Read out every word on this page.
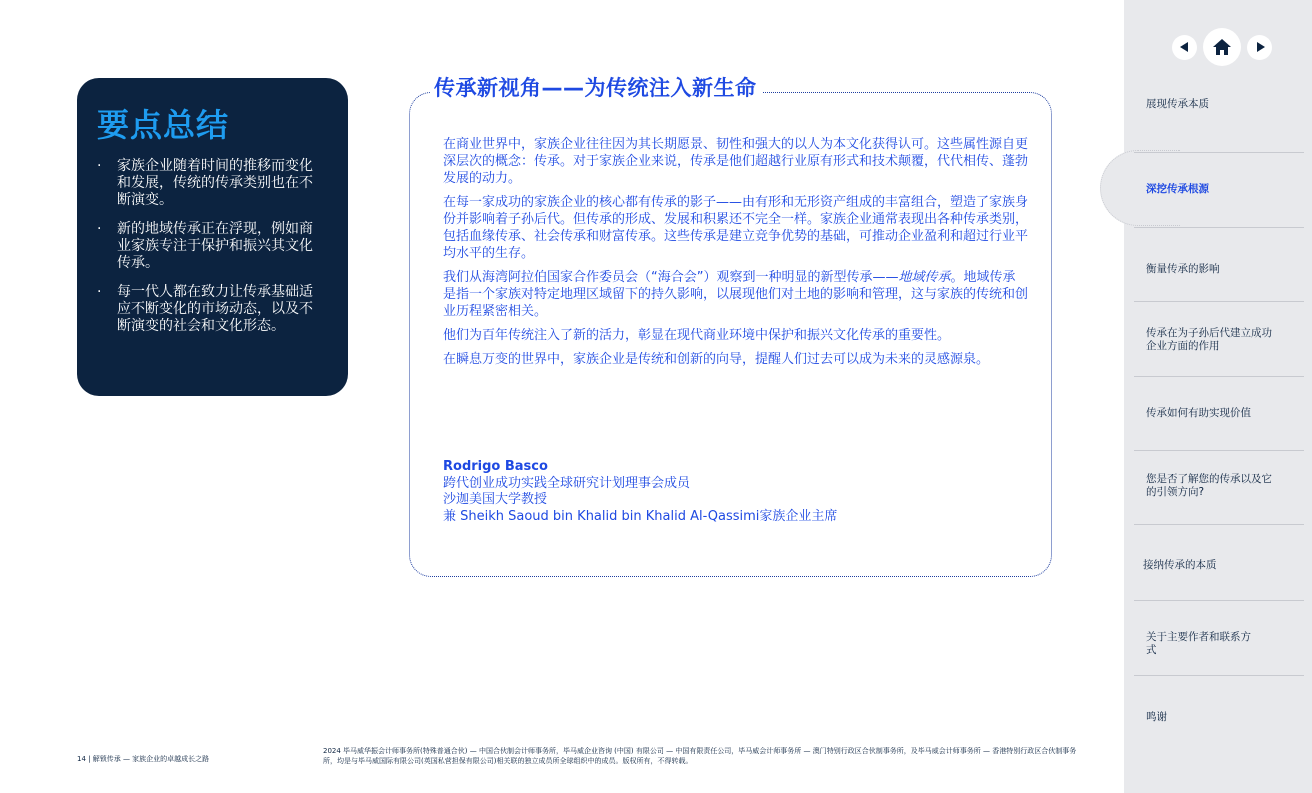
要点总结
· 家族企业随着时间的推移而变化和发展，传统的传承类别也在不断演变。
· 新的地域传承正在浮现，例如商业家族专注于保护和振兴其文化传承。
· 每一代人都在致力让传承基础适应不断变化的市场动态，以及不断演变的社会和文化形态。
传承新视角——为传统注入新生命

在商业世界中，家族企业往往因为其长期愿景、韧性和强大的以人为本文化获得认可。这些属性源自更深层次的概念：传承。对于家族企业来说，传承是他们超越行业原有形式和技术颠覆，代代相传、蓬勃发展的动力。

在每一家成功的家族企业的核心都有传承的影子——由有形和无形资产组成的丰富组合，塑造了家族身份并影响着子孙后代。但传承的形成、发展和积累还不完全一样。家族企业通常表现出各种传承类别，包括血缘传承、社会传承和财富传承。这些传承是建立竞争优势的基础，可推动企业盈利和超过行业平均水平的生存。

我们从海湾阿拉伯国家合作委员会（“海合会”）观察到一种明显的新型传承——地域传承。地域传承是指一个家族对特定地理区域留下的持久影响，以展现他们对土地的影响和管理，这与家族的传统和创业历程紧密相关。

他们为百年传统注入了新的活力，彰显在现代商业环境中保护和振兴文化传承的重要性。

在瞬息万变的世界中，家族企业是传统和创新的向导，提醒人们过去可以成为未来的灵感源泉。

Rodrigo Basco
跨代创业成功实践全球研究计划理事会成员
沙迦美国大学教授
兼 Sheikh Saoud bin Khalid bin Khalid Al-Qassimi家族企业主席
展现传承本质
深挖传承根源
衡量传承的影响
传承在为子孙后代建立成功企业方面的作用
传承如何有助实现价值
您是否了解您的传承以及它的引领方向?
接纳传承的本质
关于主要作者和联系方式
鸣谢
14 | 解锁传承 — 家族企业的卓越成长之路
2024 毕马威华振会计师事务所(特殊普通合伙) — 中国合伙制会计师事务所，毕马威企业咨询 (中国) 有限公司 — 中国有限责任公司，毕马威会计师事务所 — 澳门特别行政区合伙制事务所，及毕马威会计师事务所 — 香港特别行政区合伙制事务所，均是与毕马威国际有限公司(英国私营担保有限公司)相关联的独立成员所全球组织中的成员。版权所有，不得转载。
